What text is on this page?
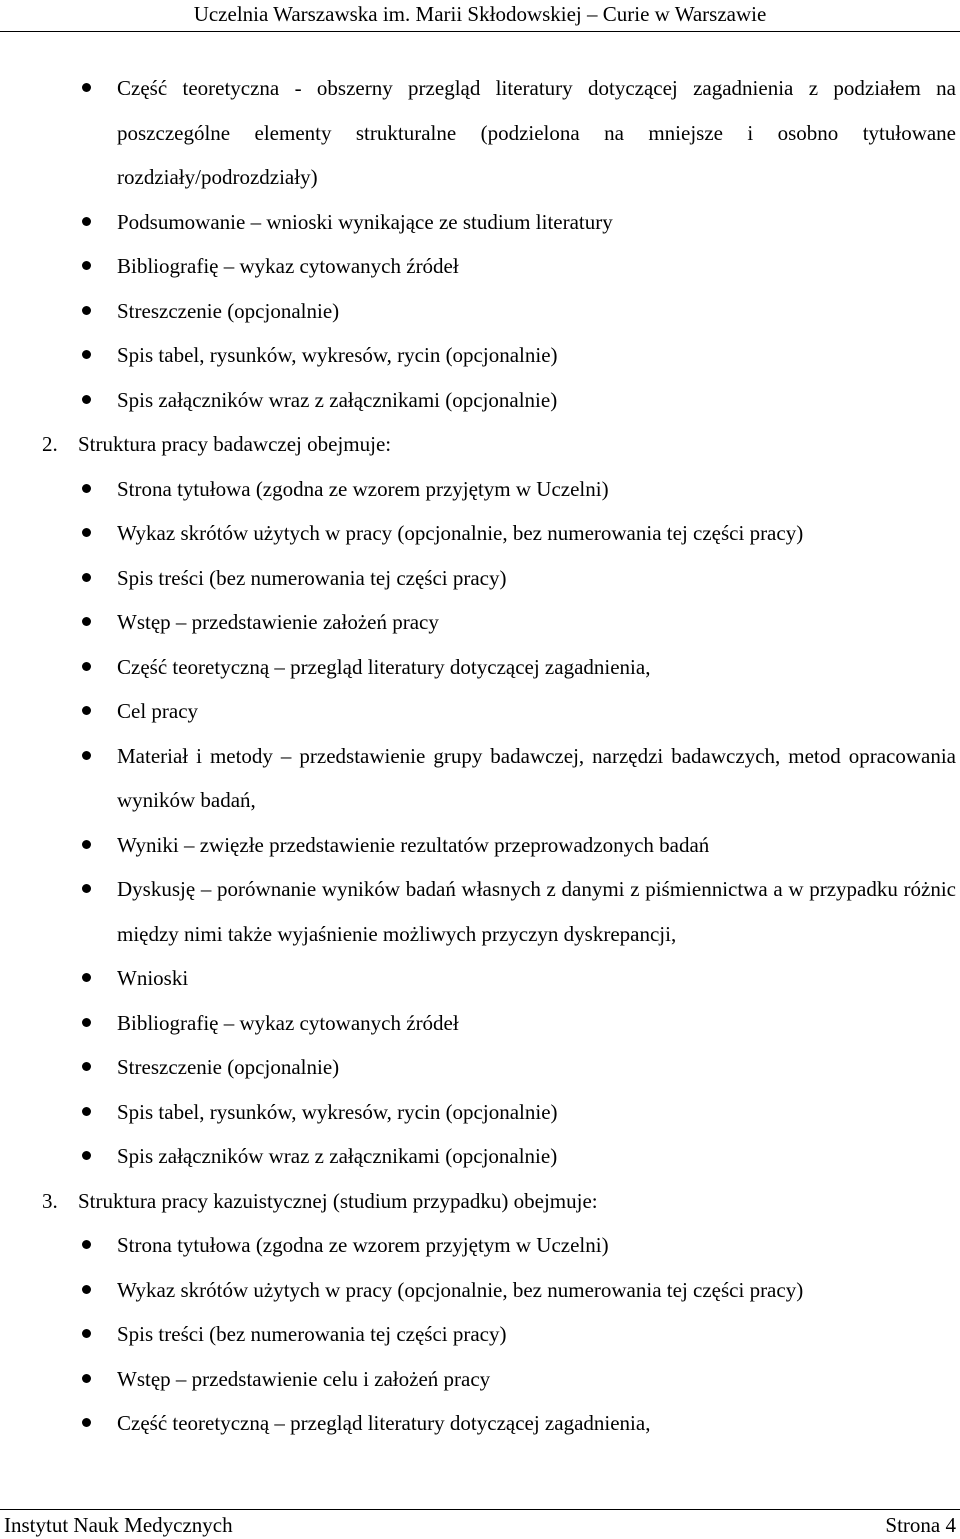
Uczelnia Warszawska im. Marii Skłodowskiej – Curie w Warszawie
Część teoretyczna - obszerny przegląd literatury dotyczącej zagadnienia z podziałem na poszczególne elementy strukturalne (podzielona na mniejsze i osobno tytułowane rozdziały/podrozdziały)
Podsumowanie – wnioski wynikające ze studium literatury
Bibliografię – wykaz cytowanych źródeł
Streszczenie (opcjonalnie)
Spis tabel, rysunków, wykresów, rycin (opcjonalnie)
Spis załączników wraz z załącznikami (opcjonalnie)
2. Struktura pracy badawczej obejmuje:
Strona tytułowa (zgodna ze wzorem przyjętym w Uczelni)
Wykaz skrótów użytych w pracy (opcjonalnie, bez numerowania tej części pracy)
Spis treści (bez numerowania tej części pracy)
Wstęp – przedstawienie założeń pracy
Część teoretyczną – przegląd literatury dotyczącej zagadnienia,
Cel pracy
Materiał i metody – przedstawienie grupy badawczej, narzędzi badawczych, metod opracowania wyników badań,
Wyniki – zwięzłe przedstawienie rezultatów przeprowadzonych badań
Dyskusję – porównanie wyników badań własnych z danymi z piśmiennictwa a w przypadku różnic między nimi także wyjaśnienie możliwych przyczyn dyskrepancji,
Wnioski
Bibliografię – wykaz cytowanych źródeł
Streszczenie (opcjonalnie)
Spis tabel, rysunków, wykresów, rycin (opcjonalnie)
Spis załączników wraz z załącznikami (opcjonalnie)
3. Struktura pracy kazuistycznej (studium przypadku) obejmuje:
Strona tytułowa (zgodna ze wzorem przyjętym w Uczelni)
Wykaz skrótów użytych w pracy (opcjonalnie, bez numerowania tej części pracy)
Spis treści (bez numerowania tej części pracy)
Wstęp – przedstawienie celu i założeń pracy
Część teoretyczną – przegląd literatury dotyczącej zagadnienia,
Instytut Nauk Medycznych	Strona 4
